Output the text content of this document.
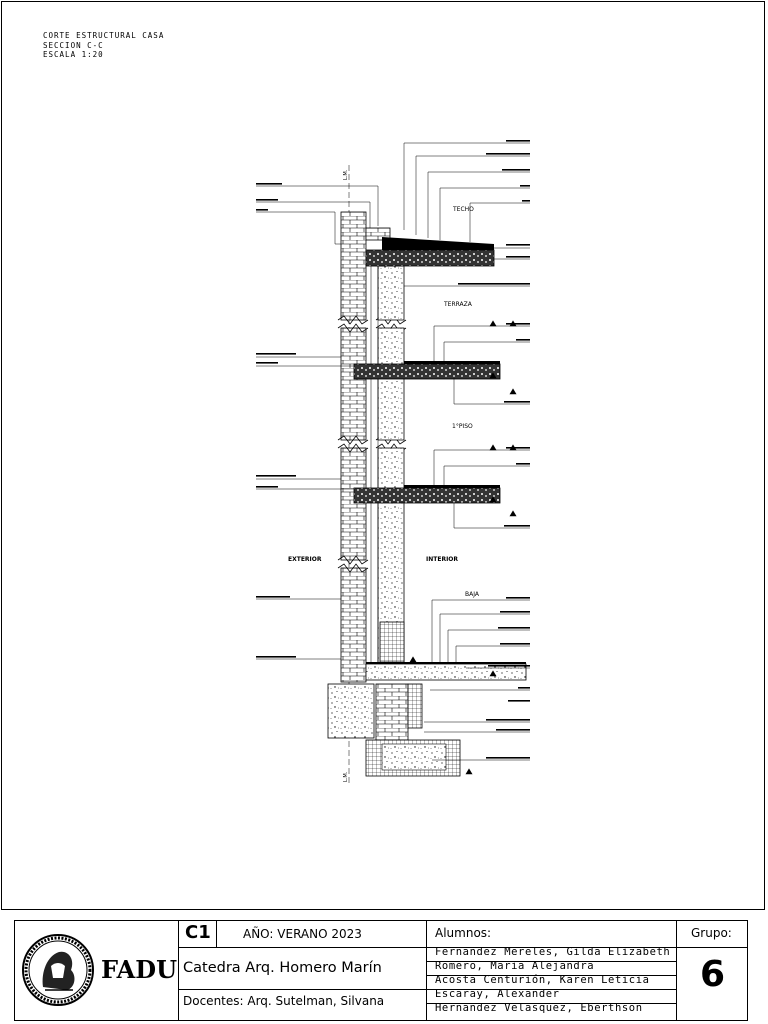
CORTE ESTRUCTURAL CASA
SECCION C-C
ESCALA 1:20
L.M.
L.M.
TECHO
TERRAZA
1°PISO
EXTERIOR	INTERIOR
BAJA
FADU
C1	AÑO: VERANO 2023
Catedra Arq. Homero Marín
Docentes: Arq. Sutelman, Silvana
Alumnos:
Fernandez Mereles, Gilda Elizabeth
Romero, Maria Alejandra
Acosta Centurión, Karen Leticia
Escaray, Alexander
Hernandez Velasquez, Eberthson
Grupo:
6
